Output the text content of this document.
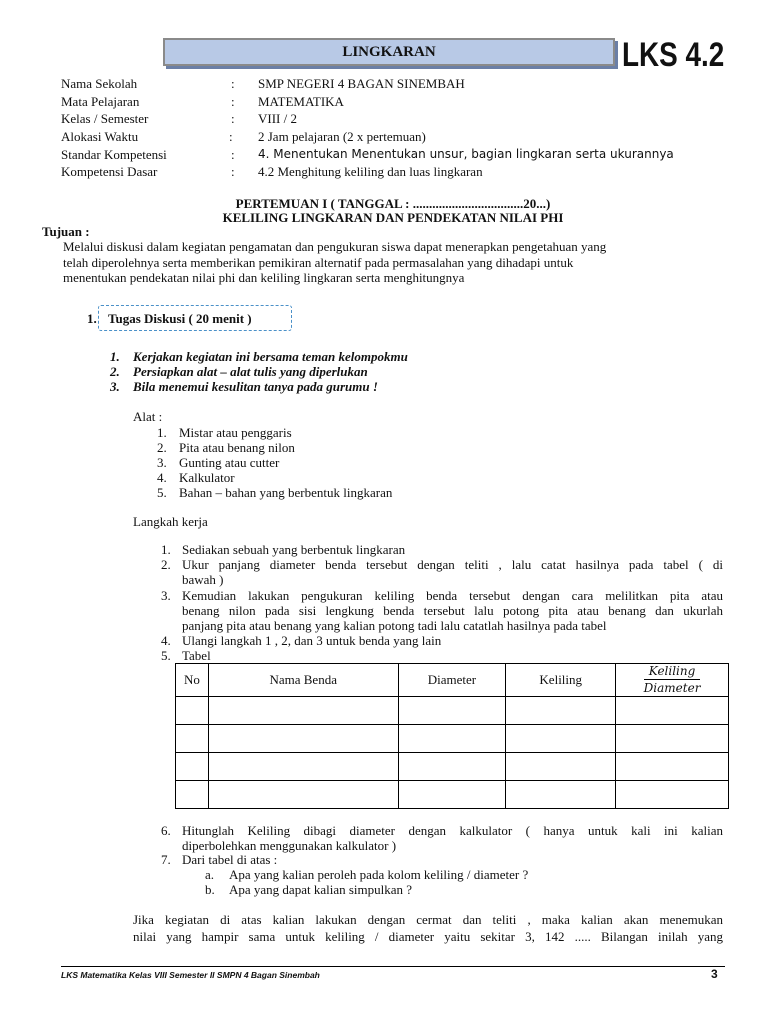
LINGKARAN	LKS 4.2
Nama Sekolah	: SMP NEGERI 4 BAGAN SINEMBAH
Mata Pelajaran	: MATEMATIKA
Kelas / Semester	: VIII / 2
Alokasi Waktu	: 2 Jam pelajaran (2 x pertemuan)
Standar Kompetensi	: 4. Menentukan Menentukan unsur, bagian lingkaran serta ukurannya
Kompetensi Dasar	: 4.2 Menghitung keliling dan luas lingkaran
PERTEMUAN I ( TANGGAL : ..................................20...)
KELILING LINGKARAN DAN PENDEKATAN NILAI PHI
Tujuan :
Melalui diskusi dalam kegiatan pengamatan dan pengukuran siswa dapat menerapkan pengetahuan yang
telah diperolehnya serta memberikan pemikiran alternatif pada permasalahan yang dihadapi untuk
menentukan pendekatan nilai phi dan keliling lingkaran serta menghitungnya
1. Tugas Diskusi ( 20 menit )
1. Kerjakan kegiatan ini bersama teman kelompokmu
2. Persiapkan alat – alat tulis yang diperlukan
3. Bila menemui kesulitan tanya pada gurumu !
Alat :
1. Mistar atau penggaris
2. Pita atau benang nilon
3. Gunting atau cutter
4. Kalkulator
5. Bahan – bahan yang berbentuk lingkaran
Langkah kerja
1. Sediakan sebuah yang berbentuk lingkaran
2. Ukur panjang diameter benda tersebut dengan teliti , lalu catat hasilnya pada tabel ( di
bawah )
3. Kemudian lakukan pengukuran keliling benda tersebut dengan cara melilitkan pita atau
benang nilon pada sisi lengkung benda tersebut lalu potong pita atau benang dan ukurlah
panjang pita atau benang yang kalian potong tadi lalu catatlah hasilnya pada tabel
4. Ulangi langkah 1 , 2, dan 3 untuk benda yang lain
5. Tabel
No	Nama Benda	Diameter	Keliling	$\frac{\text{Keliling}}{\text{Diameter}}$

6. Hitunglah Keliling dibagi diameter dengan kalkulator ( hanya untuk kali ini kalian
diperbolehkan menggunakan kalkulator )
7. Dari tabel di atas :
a. Apa yang kalian peroleh pada kolom keliling / diameter ?
b. Apa yang dapat kalian simpulkan ?
Jika kegiatan di atas kalian lakukan dengan cermat dan teliti , maka kalian akan menemukan
nilai yang hampir sama untuk keliling / diameter yaitu sekitar 3, 142 ..... Bilangan inilah yang
LKS Matematika Kelas VIII Semester II SMPN 4 Bagan Sinembah	3
